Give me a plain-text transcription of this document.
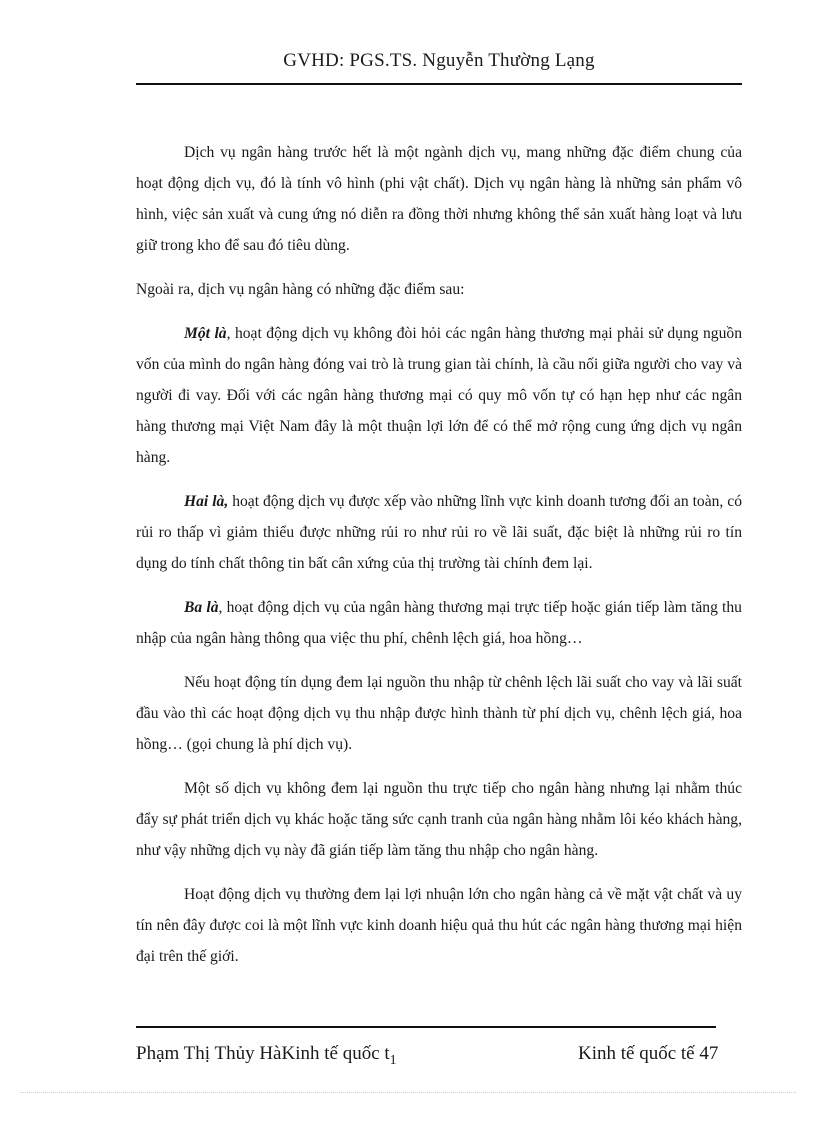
GVHD: PGS.TS. Nguyễn Thường Lạng

Dịch vụ ngân hàng trước hết là một ngành dịch vụ, mang những đặc điểm chung của hoạt động dịch vụ, đó là tính vô hình (phi vật chất). Dịch vụ ngân hàng là những sản phẩm vô hình, việc sản xuất và cung ứng nó diễn ra đồng thời nhưng không thể sản xuất hàng loạt và lưu giữ trong kho để sau đó tiêu dùng.

Ngoài ra, dịch vụ ngân hàng có những đặc điểm sau:

Một là, hoạt động dịch vụ không đòi hỏi các ngân hàng thương mại phải sử dụng nguồn vốn của mình do ngân hàng đóng vai trò là trung gian tài chính, là cầu nối giữa người cho vay và người đi vay. Đối với các ngân hàng thương mại có quy mô vốn tự có hạn hẹp như các ngân hàng thương mại Việt Nam đây là một thuận lợi lớn để có thể mở rộng cung ứng dịch vụ ngân hàng.

Hai là, hoạt động dịch vụ được xếp vào những lĩnh vực kinh doanh tương đối an toàn, có rủi ro thấp vì giảm thiểu được những rủi ro như rủi ro về lãi suất, đặc biệt là những rủi ro tín dụng do tính chất thông tin bất cân xứng của thị trường tài chính đem lại.

Ba là, hoạt động dịch vụ của ngân hàng thương mại trực tiếp hoặc gián tiếp làm tăng thu nhập của ngân hàng thông qua việc thu phí, chênh lệch giá, hoa hồng…

Nếu hoạt động tín dụng đem lại nguồn thu nhập từ chênh lệch lãi suất cho vay và lãi suất đầu vào thì các hoạt động dịch vụ thu nhập được hình thành từ phí dịch vụ, chênh lệch giá, hoa hồng… (gọi chung là phí dịch vụ).

Một số dịch vụ không đem lại nguồn thu trực tiếp cho ngân hàng nhưng lại nhằm thúc đẩy sự phát triển dịch vụ khác hoặc tăng sức cạnh tranh của ngân hàng nhằm lôi kéo khách hàng, như vậy những dịch vụ này đã gián tiếp làm tăng thu nhập cho ngân hàng.

Hoạt động dịch vụ thường đem lại lợi nhuận lớn cho ngân hàng cả về mặt vật chất và uy tín nên đây được coi là một lĩnh vực kinh doanh hiệu quả thu hút các ngân hàng thương mại hiện đại trên thế giới.

Phạm Thị Thủy HàKinh tế quốc $t_1$	Kinh tế quốc tế 47
